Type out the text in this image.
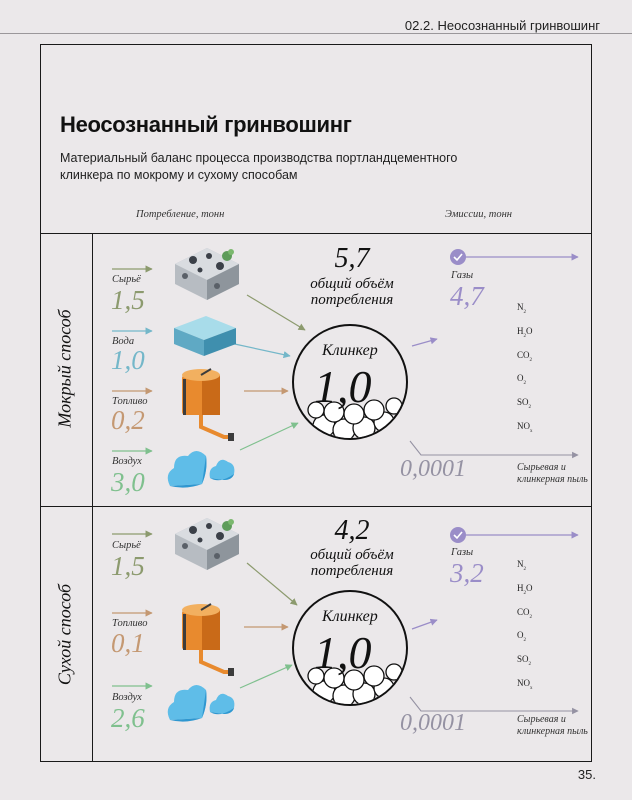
02.2. Неосознанный гринвошинг
Неосознанный гринвошинг
Материальный баланс процесса производства портландцементного клинкера по мокрому и сухому способам
Потребление, тонн	Эмиссии, тонн
Мокрый способ
Сухой способ
Сырьё
1,5
Вода
1,0
Топливо
0,2
Воздух
3,0
5,7
общий объём потребления
Клинкер
1,0
Газы
4,7	$N_2$
$H_2O$
$CO_2$
$O_2$
$SO_2$
$NO_x$
0,0001	Сырьевая и клинкерная пыль
Сырьё
1,5
Топливо
0,1
Воздух
2,6
4,2
общий объём потребления
Клинкер
1,0
Газы
3,2	$N_2$
$H_2O$
$CO_2$
$O_2$
$SO_2$
$NO_x$
0,0001	Сырьевая и клинкерная пыль
35.
